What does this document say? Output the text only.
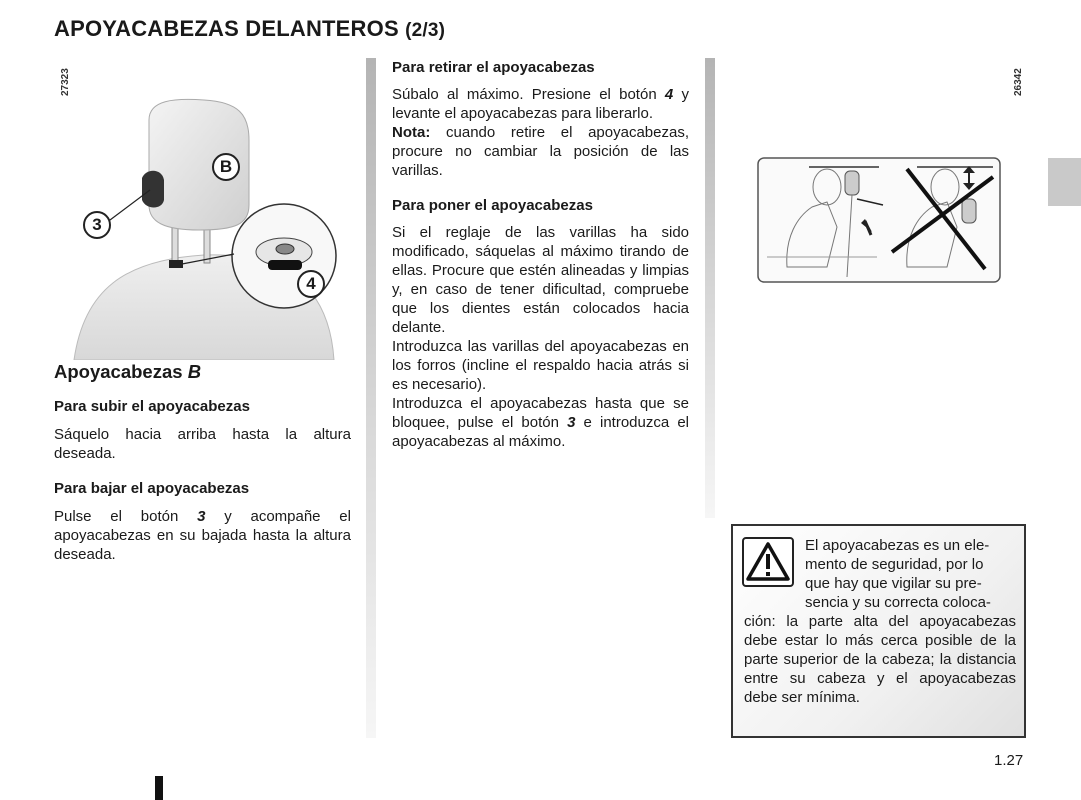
APOYACABEZAS DELANTEROS (2/3)
27323	26342
B
3
4
Apoyacabezas B
Para subir el apoyacabezas

Sáquelo hacia arriba hasta la altura deseada.

Para bajar el apoyacabezas

Pulse el botón 3 y acompañe el apoyacabezas en su bajada hasta la altura deseada.

Para retirar el apoyacabezas

Súbalo al máximo. Presione el botón 4 y levante el apoyacabezas para liberarlo.

Nota: cuando retire el apoyacabezas, procure no cambiar la posición de las varillas.

Para poner el apoyacabezas

Si el reglaje de las varillas ha sido modificado, sáquelas al máximo tirando de ellas. Procure que estén alineadas y limpias y, en caso de tener dificultad, compruebe que los dientes están colocados hacia delante.

Introduzca las varillas del apoyacabezas en los forros (incline el respaldo hacia atrás si es necesario).

Introduzca el apoyacabezas hasta que se bloquee, pulse el botón 3 e introduzca el apoyacabezas al máximo.

El apoyacabezas es un ele-
mento de seguridad, por lo
que hay que vigilar su pre-
sencia y su correcta coloca-
ción: la parte alta del apoyacabezas debe estar lo más cerca posible de la parte superior de la cabeza; la distancia entre su cabeza y el apoyacabezas debe ser mínima.
1.27
